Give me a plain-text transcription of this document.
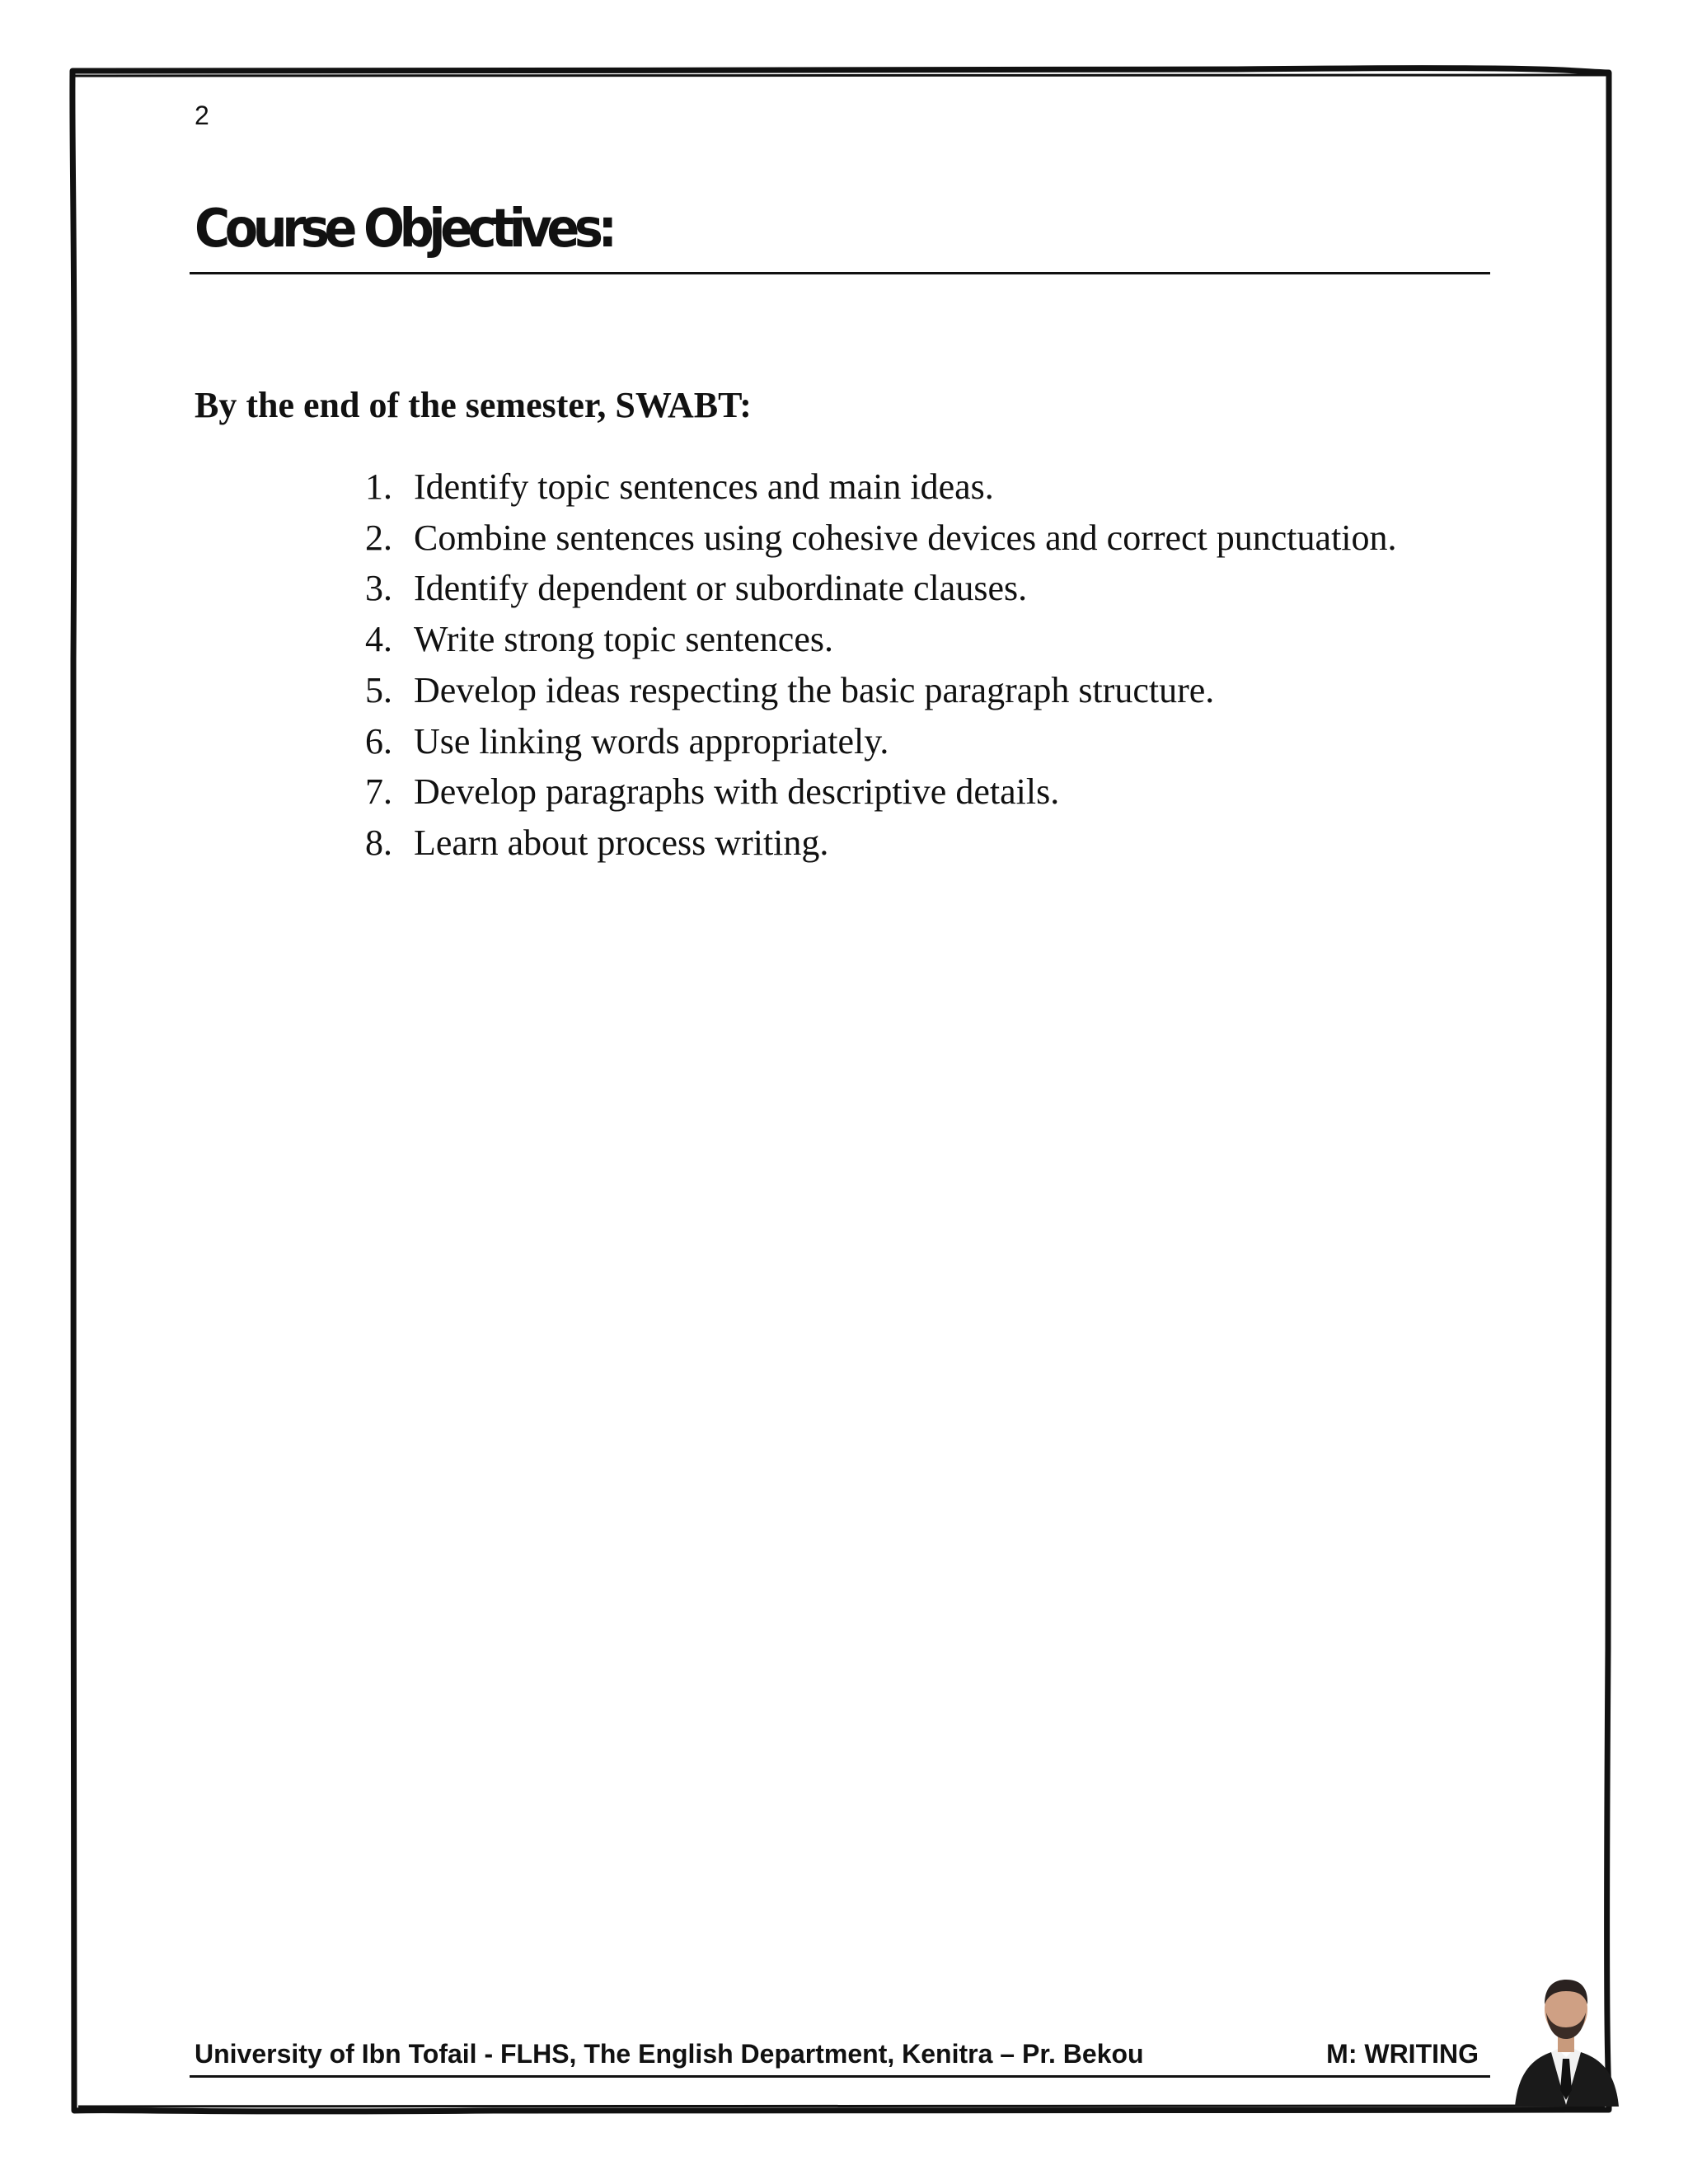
2
Course Objectives:
By the end of the semester, SWABT:
1. Identify topic sentences and main ideas.
2. Combine sentences using cohesive devices and correct punctuation.
3. Identify dependent or subordinate clauses.
4. Write strong topic sentences.
5. Develop ideas respecting the basic paragraph structure.
6. Use linking words appropriately.
7. Develop paragraphs with descriptive details.
8. Learn about process writing.
University of Ibn Tofail - FLHS, The English Department, Kenitra – Pr. Bekou	M: WRITING
